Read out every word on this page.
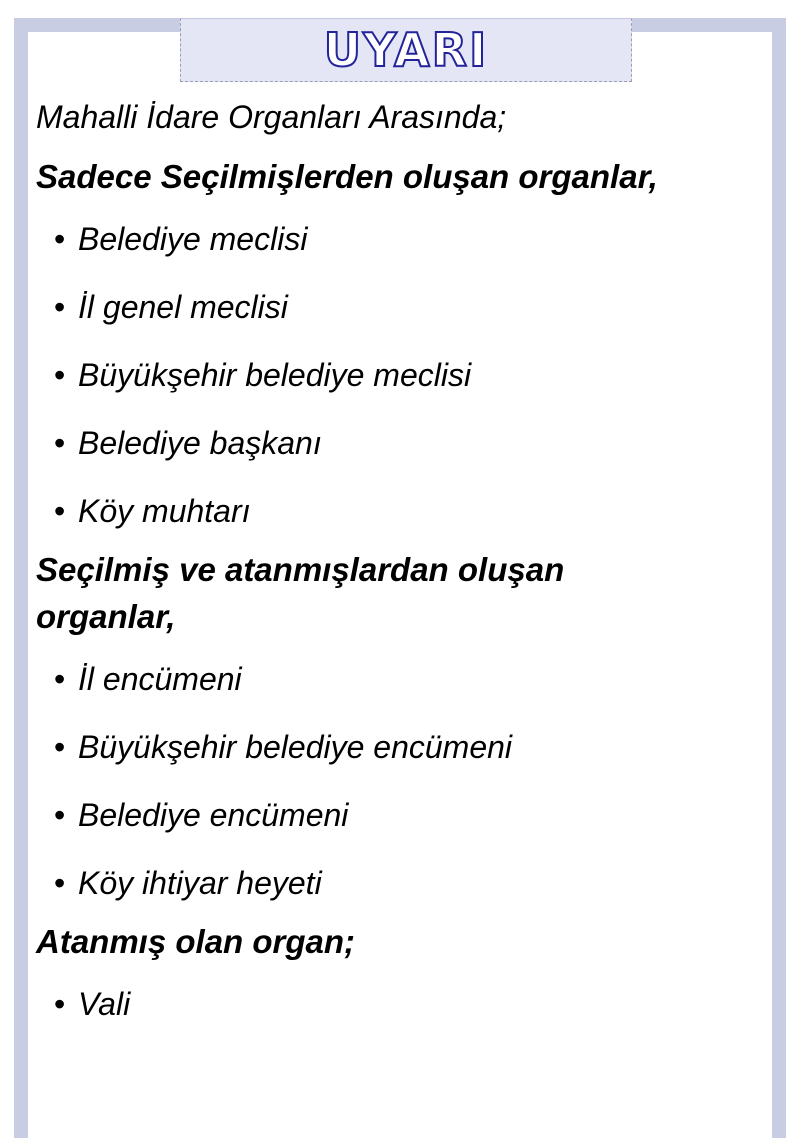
UYARI

Mahalli İdare Organları Arasında;

Sadece Seçilmişlerden oluşan organlar,

• Belediye meclisi
• İl genel meclisi
• Büyükşehir belediye meclisi
• Belediye başkanı
• Köy muhtarı

Seçilmiş ve atanmışlardan oluşan
organlar,

• İl encümeni
• Büyükşehir belediye encümeni
• Belediye encümeni
• Köy ihtiyar heyeti

Atanmış olan organ;

• Vali
